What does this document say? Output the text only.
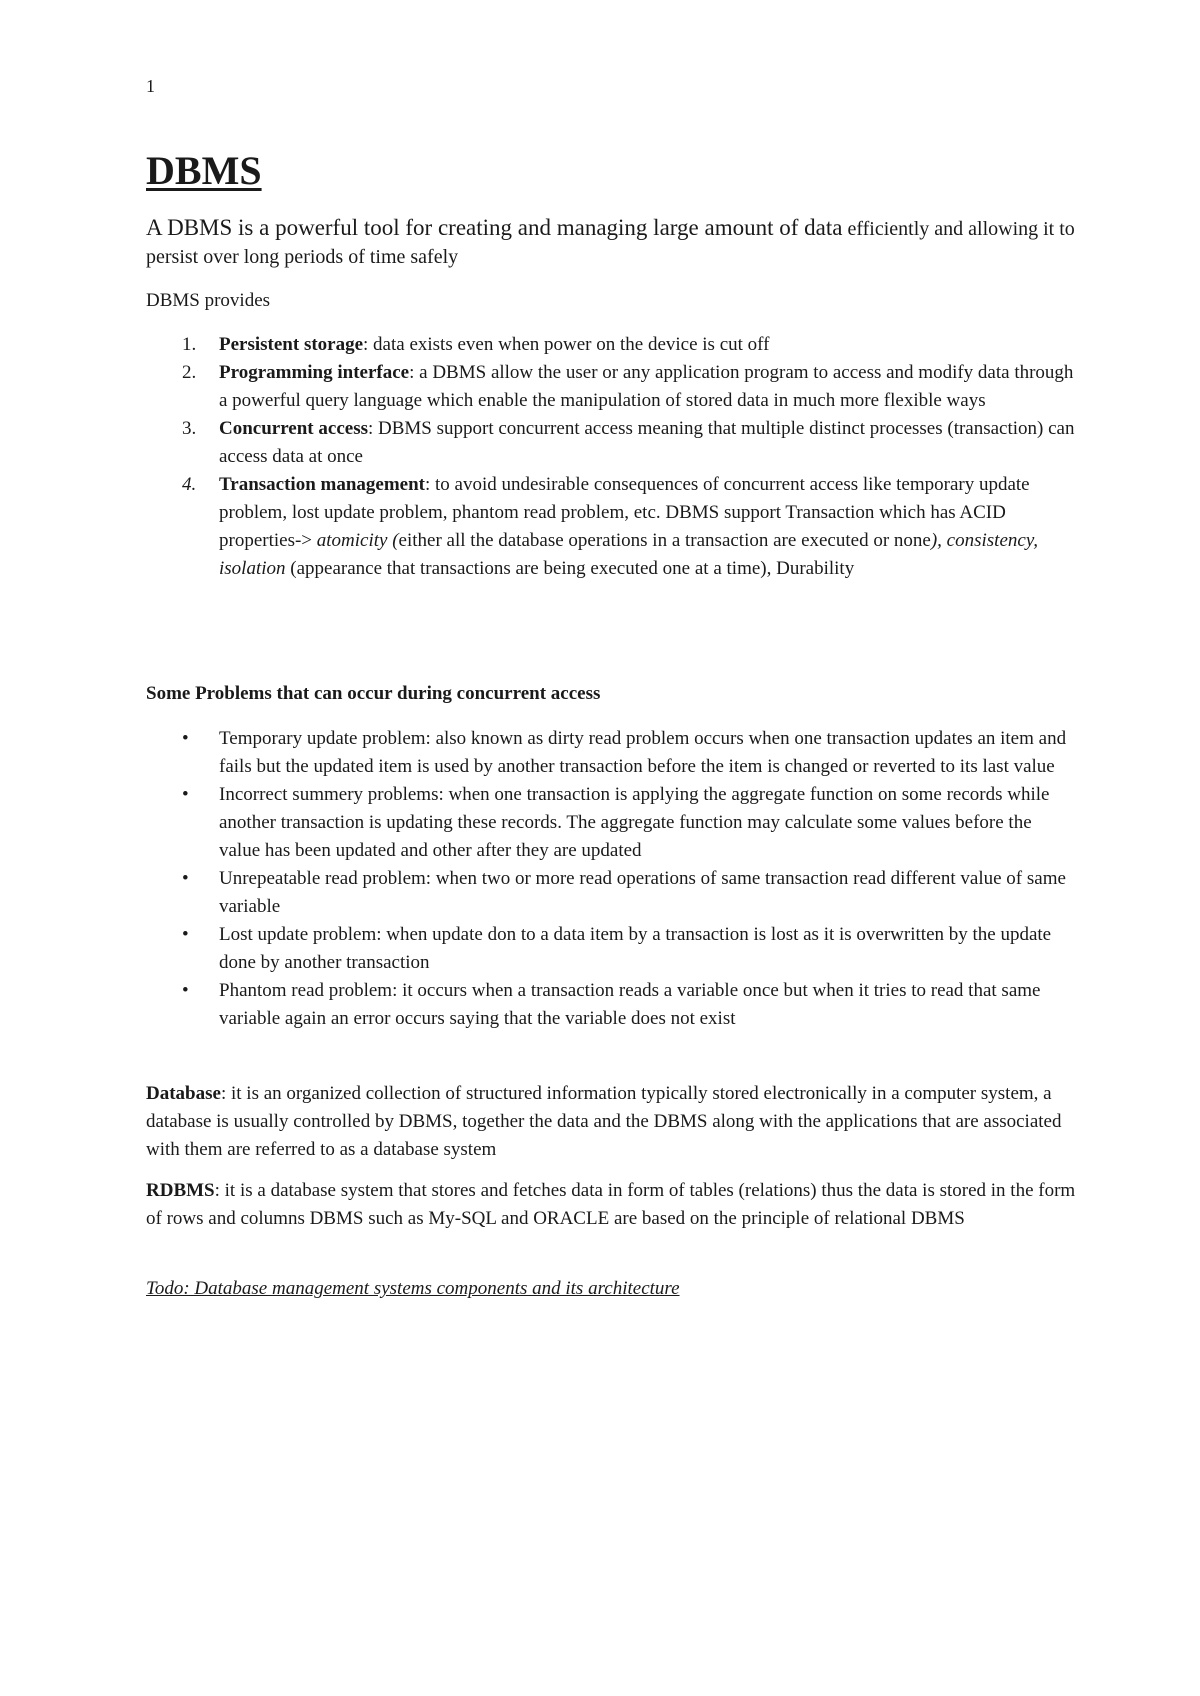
1
DBMS

A DBMS is a powerful tool for creating and managing large amount of data efficiently and allowing it to persist over long periods of time safely

DBMS provides

1. Persistent storage: data exists even when power on the device is cut off
2. Programming interface: a DBMS allow the user or any application program to access and modify data through a powerful query language which enable the manipulation of stored data in much more flexible ways
3. Concurrent access: DBMS support concurrent access meaning that multiple distinct processes (transaction) can access data at once
4. Transaction management: to avoid undesirable consequences of concurrent access like temporary update problem, lost update problem, phantom read problem, etc. DBMS support Transaction which has ACID properties-> atomicity (either all the database operations in a transaction are executed or none), consistency, isolation (appearance that transactions are being executed one at a time), Durability

Some Problems that can occur during concurrent access

• Temporary update problem: also known as dirty read problem occurs when one transaction updates an item and fails but the updated item is used by another transaction before the item is changed or reverted to its last value
• Incorrect summery problems: when one transaction is applying the aggregate function on some records while another transaction is updating these records. The aggregate function may calculate some values before the value has been updated and other after they are updated
• Unrepeatable read problem: when two or more read operations of same transaction read different value of same variable
• Lost update problem: when update don to a data item by a transaction is lost as it is overwritten by the update done by another transaction
• Phantom read problem: it occurs when a transaction reads a variable once but when it tries to read that same variable again an error occurs saying that the variable does not exist

Database: it is an organized collection of structured information typically stored electronically in a computer system, a database is usually controlled by DBMS, together the data and the DBMS along with the applications that are associated with them are referred to as a database system

RDBMS: it is a database system that stores and fetches data in form of tables (relations) thus the data is stored in the form of rows and columns DBMS such as My-SQL and ORACLE are based on the principle of relational DBMS

Todo: Database management systems components and its architecture
